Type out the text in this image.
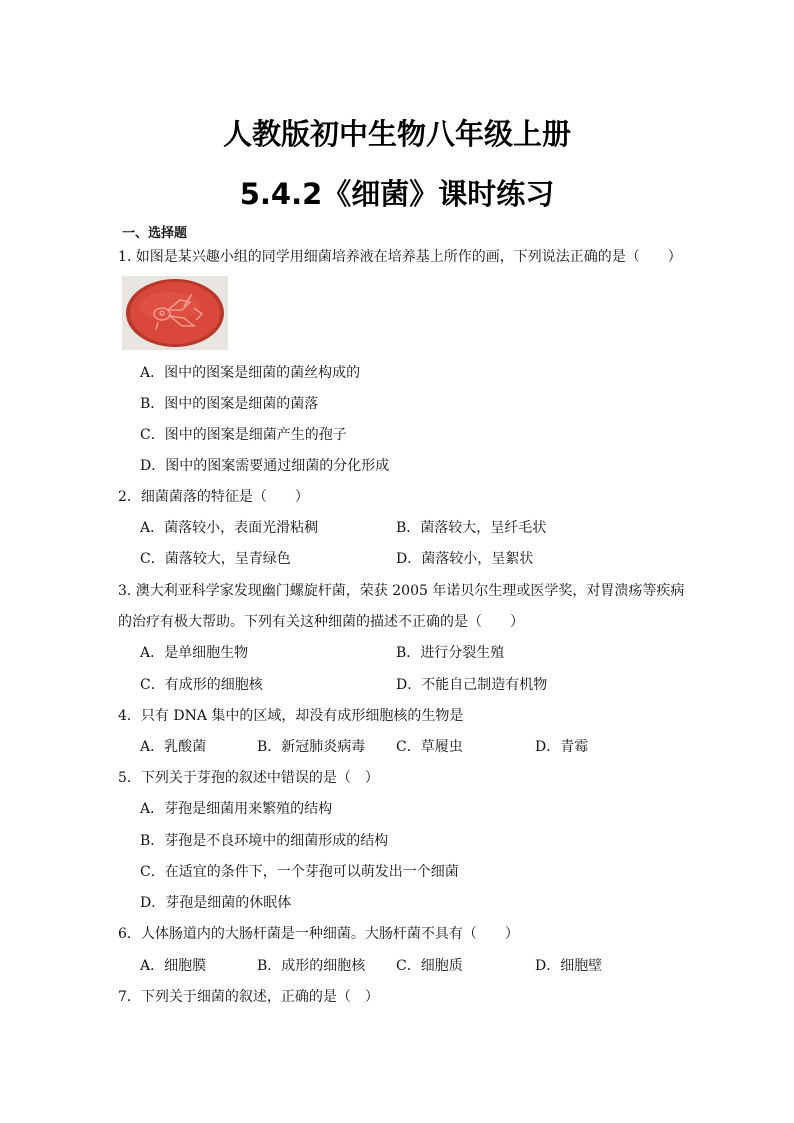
人教版初中生物八年级上册
5.4.2《细菌》课时练习
一、选择题
1. 如图是某兴趣小组的同学用细菌培养液在培养基上所作的画，下列说法正确的是（　　）
A．图中的图案是细菌的菌丝构成的
B．图中的图案是细菌的菌落
C．图中的图案是细菌产生的孢子
D．图中的图案需要通过细菌的分化形成
2．细菌菌落的特征是（　　）
A．菌落较小，表面光滑粘稠	B．菌落较大，呈纤毛状
C．菌落较大，呈青绿色	D．菌落较小，呈絮状
3. 澳大利亚科学家发现幽门螺旋杆菌，荣获 2005 年诺贝尔生理或医学奖，对胃溃疡等疾病
的治疗有极大帮助。下列有关这种细菌的描述不正确的是（　　）
A．是单细胞生物	B．进行分裂生殖
C．有成形的细胞核	D．不能自己制造有机物
4．只有 DNA 集中的区域，却没有成形细胞核的生物是
A．乳酸菌	B．新冠肺炎病毒 C．草履虫	D．青霉
5．下列关于芽孢的叙述中错误的是（　）
A．芽孢是细菌用来繁殖的结构
B．芽孢是不良环境中的细菌形成的结构
C．在适宜的条件下，一个芽孢可以萌发出一个细菌
D．芽孢是细菌的休眠体
6．人体肠道内的大肠杆菌是一种细菌。大肠杆菌不具有（　　）
A．细胞膜	B．成形的细胞核 C．细胞质	D．细胞壁
7．下列关于细菌的叙述，正确的是（　）
